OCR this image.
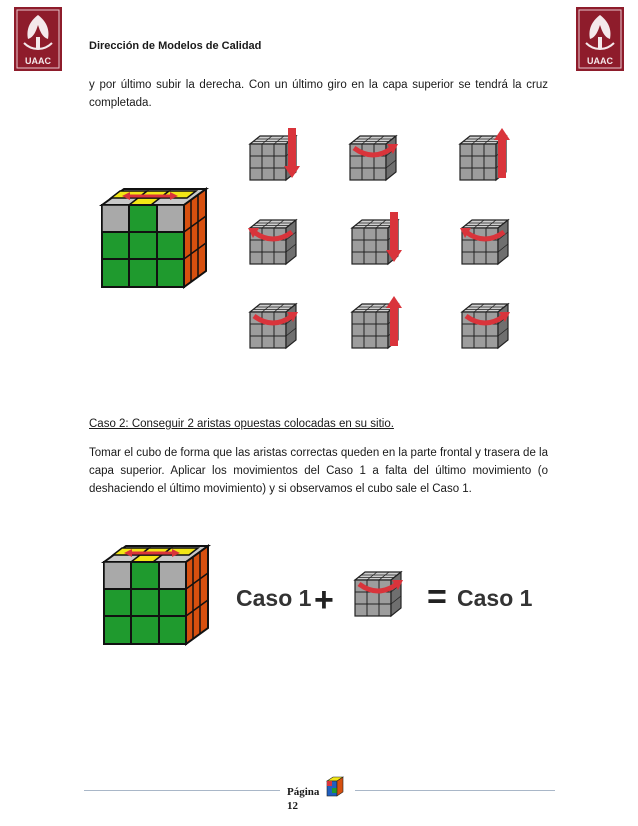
Dirección de Modelos de Calidad

y por último subir la derecha. Con un último giro en la capa superior se tendrá la cruz completada.

Caso 2: Conseguir 2 aristas opuestas colocadas en su sitio.

Tomar el cubo de forma que las aristas correctas queden en la parte frontal y trasera de la capa superior. Aplicar los movimientos del Caso 1 a falta del último movimiento (o deshaciendo el último movimiento) y si observamos el cubo sale el Caso 1.

Caso 1 +	= Caso 1
Página
12
